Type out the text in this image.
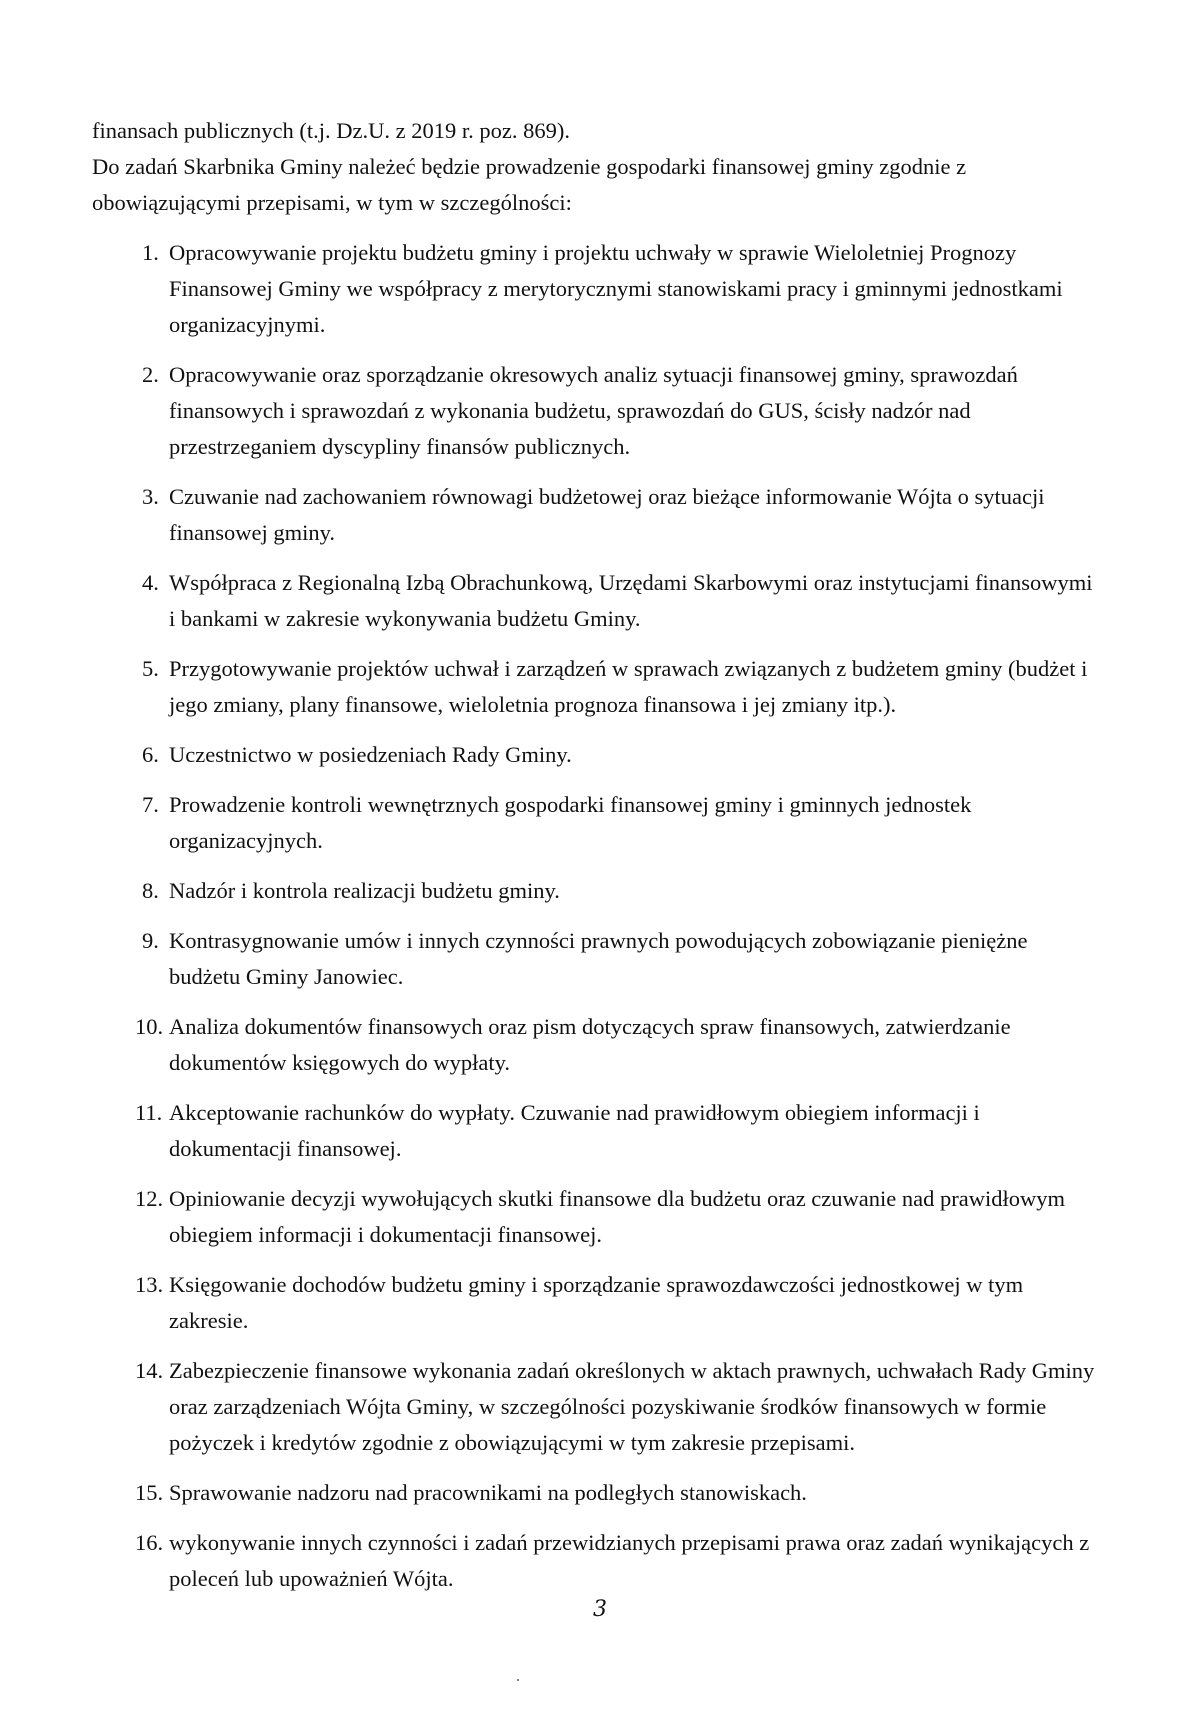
finansach publicznych (t.j. Dz.U. z 2019 r. poz. 869).

Do zadań Skarbnika Gminy należeć będzie prowadzenie gospodarki finansowej gminy zgodnie z obowiązującymi przepisami, w tym w szczególności:

1. Opracowywanie projektu budżetu gminy i projektu uchwały w sprawie Wieloletniej Prognozy Finansowej Gminy we współpracy z merytorycznymi stanowiskami pracy i gminnymi jednostkami organizacyjnymi.
2. Opracowywanie oraz sporządzanie okresowych analiz sytuacji finansowej gminy, sprawozdań finansowych i sprawozdań z wykonania budżetu, sprawozdań do GUS, ścisły nadzór nad przestrzeganiem dyscypliny finansów publicznych.
3. Czuwanie nad zachowaniem równowagi budżetowej oraz bieżące informowanie Wójta o sytuacji finansowej gminy.
4. Współpraca z Regionalną Izbą Obrachunkową, Urzędami Skarbowymi oraz instytucjami finansowymi i bankami w zakresie wykonywania budżetu Gminy.
5. Przygotowywanie projektów uchwał i zarządzeń w sprawach związanych z budżetem gminy (budżet i jego zmiany, plany finansowe, wieloletnia prognoza finansowa i jej zmiany itp.).
6. Uczestnictwo w posiedzeniach Rady Gminy.
7. Prowadzenie kontroli wewnętrznych gospodarki finansowej gminy i gminnych jednostek organizacyjnych.
8. Nadzór i kontrola realizacji budżetu gminy.
9. Kontrasygnowanie umów i innych czynności prawnych powodujących zobowiązanie pieniężne budżetu Gminy Janowiec.
10. Analiza dokumentów finansowych oraz pism dotyczących spraw finansowych, zatwierdzanie dokumentów księgowych do wypłaty.
11. Akceptowanie rachunków do wypłaty. Czuwanie nad prawidłowym obiegiem informacji i dokumentacji finansowej.
12. Opiniowanie decyzji wywołujących skutki finansowe dla budżetu oraz czuwanie nad prawidłowym obiegiem informacji i dokumentacji finansowej.
13. Księgowanie dochodów budżetu gminy i sporządzanie sprawozdawczości jednostkowej w tym zakresie.
14. Zabezpieczenie finansowe wykonania zadań określonych w aktach prawnych, uchwałach Rady Gminy oraz zarządzeniach Wójta Gminy, w szczególności pozyskiwanie środków finansowych w formie pożyczek i kredytów zgodnie z obowiązującymi w tym zakresie przepisami.
15. Sprawowanie nadzoru nad pracownikami na podległych stanowiskach.
16. wykonywanie innych czynności i zadań przewidzianych przepisami prawa oraz zadań wynikających z poleceń lub upoważnień Wójta.
3
